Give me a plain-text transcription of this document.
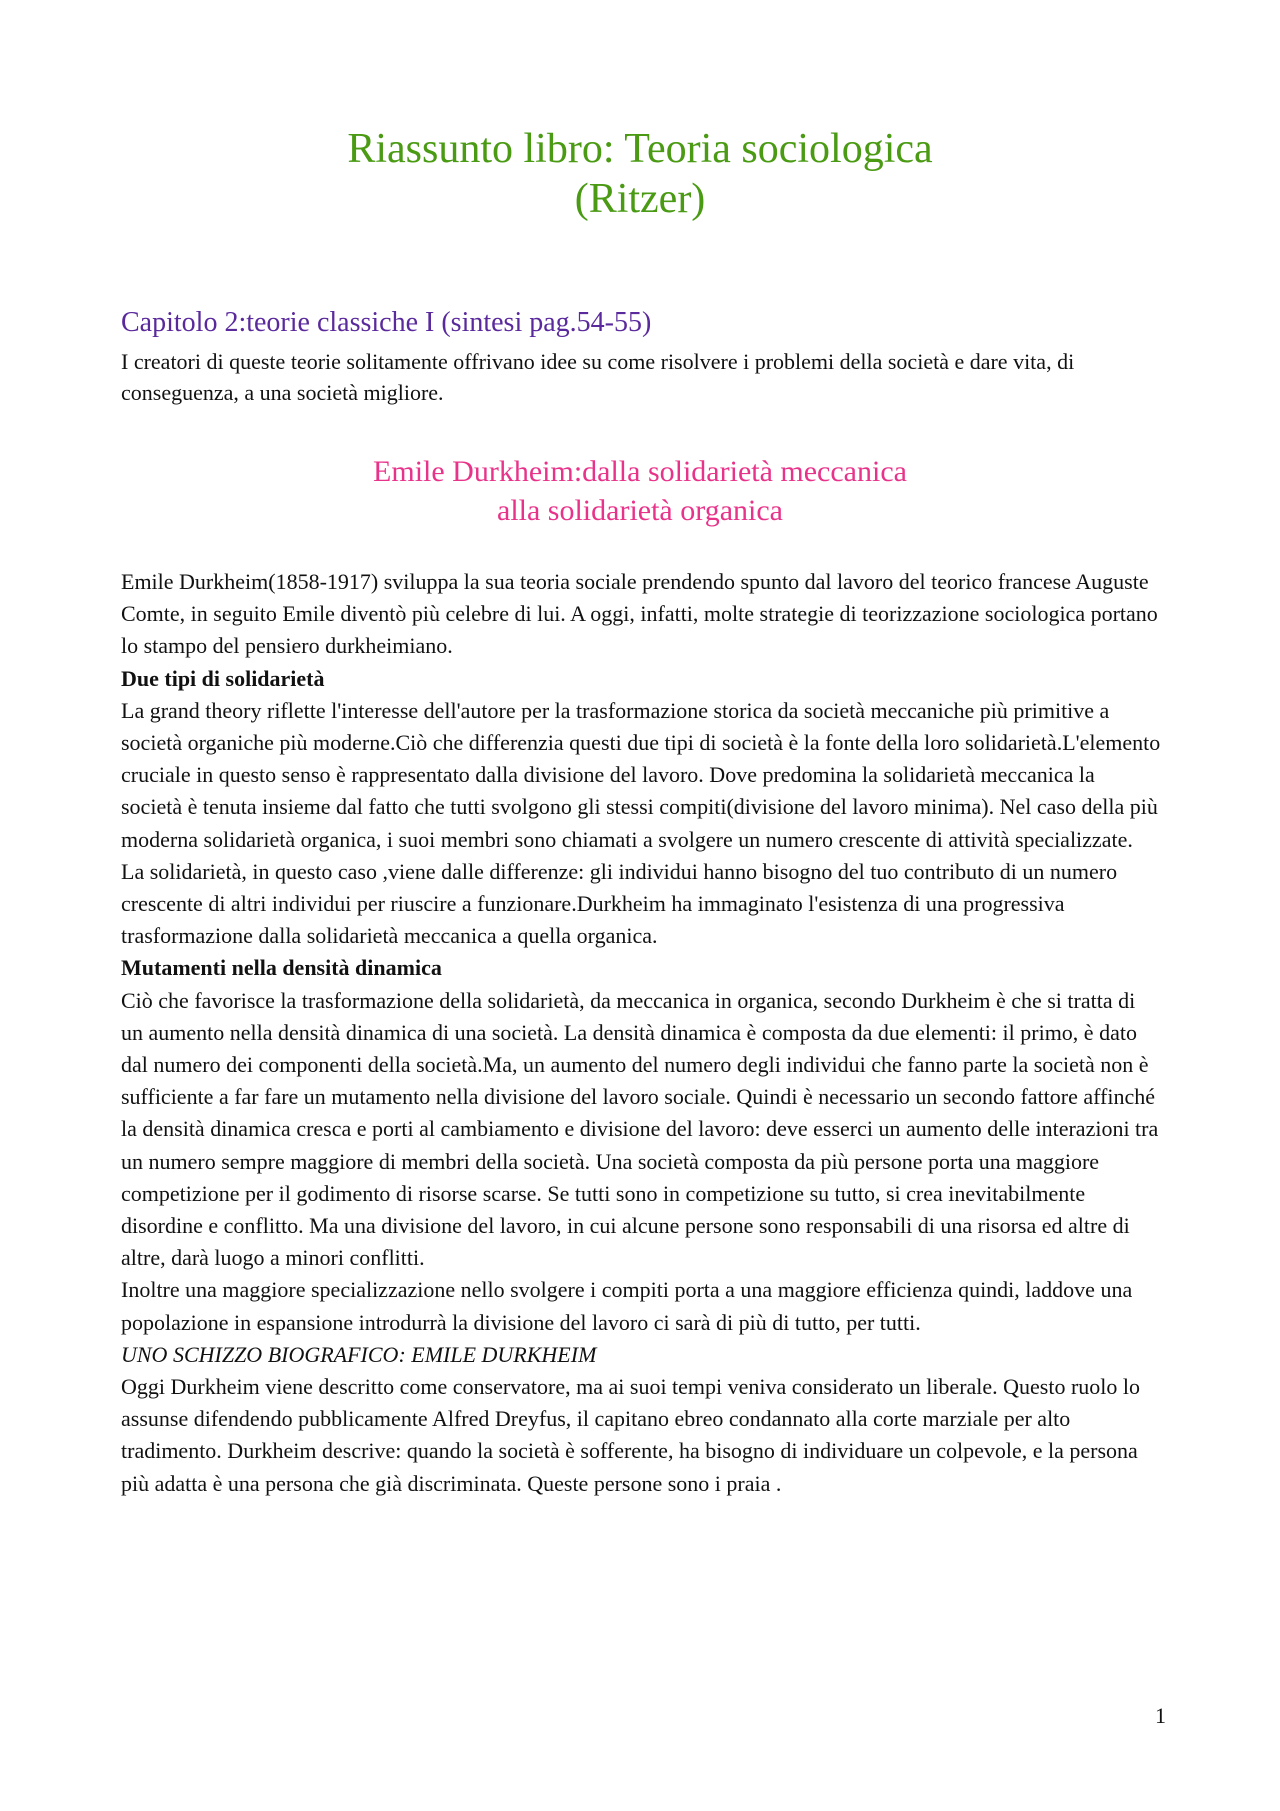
Riassunto libro: Teoria sociologica
(Ritzer)
Capitolo 2:teorie classiche I (sintesi pag.54-55)

I creatori di queste teorie solitamente offrivano idee su come risolvere i problemi della società e dare vita, di conseguenza, a una società migliore.

Emile Durkheim:dalla solidarietà meccanica
alla solidarietà organica

Emile Durkheim(1858-1917) sviluppa la sua teoria sociale prendendo spunto dal lavoro del teorico francese Auguste Comte, in seguito Emile diventò più celebre di lui. A oggi, infatti, molte strategie di teorizzazione sociologica portano lo stampo del pensiero durkheimiano.

Due tipi di solidarietà

La grand theory riflette l'interesse dell'autore per la trasformazione storica da società meccaniche più primitive a società organiche più moderne.Ciò che differenzia questi due tipi di società è la fonte della loro solidarietà.L'elemento cruciale in questo senso è rappresentato dalla divisione del lavoro. Dove predomina la solidarietà meccanica la società è tenuta insieme dal fatto che tutti svolgono gli stessi compiti(divisione del lavoro minima). Nel caso della più moderna solidarietà organica, i suoi membri sono chiamati a svolgere un numero crescente di attività specializzate. La solidarietà, in questo caso ,viene dalle differenze: gli individui hanno bisogno del tuo contributo di un numero crescente di altri individui per riuscire a funzionare.Durkheim ha immaginato l'esistenza di una progressiva trasformazione dalla solidarietà meccanica a quella organica.

Mutamenti nella densità dinamica

Ciò che favorisce la trasformazione della solidarietà, da meccanica in organica, secondo Durkheim è che si tratta di un aumento nella densità dinamica di una società. La densità dinamica è composta da due elementi: il primo, è dato dal numero dei componenti della società.Ma, un aumento del numero degli individui che fanno parte la società non è sufficiente a far fare un mutamento nella divisione del lavoro sociale. Quindi è necessario un secondo fattore affinché la densità dinamica cresca e porti al cambiamento e divisione del lavoro: deve esserci un aumento delle interazioni tra un numero sempre maggiore di membri della società. Una società composta da più persone porta una maggiore competizione per il godimento di risorse scarse. Se tutti sono in competizione su tutto, si crea inevitabilmente disordine e conflitto. Ma una divisione del lavoro, in cui alcune persone sono responsabili di una risorsa ed altre di altre, darà luogo a minori conflitti.

Inoltre una maggiore specializzazione nello svolgere i compiti porta a una maggiore efficienza quindi, laddove una popolazione in espansione introdurrà la divisione del lavoro ci sarà di più di tutto, per tutti.

UNO SCHIZZO BIOGRAFICO: EMILE DURKHEIM

Oggi Durkheim viene descritto come conservatore, ma ai suoi tempi veniva considerato un liberale. Questo ruolo lo assunse difendendo pubblicamente Alfred Dreyfus, il capitano ebreo condannato alla corte marziale per alto tradimento. Durkheim descrive: quando la società è sofferente, ha bisogno di individuare un colpevole, e la persona più adatta è una persona che già discriminata. Queste persone sono i praia .

1
